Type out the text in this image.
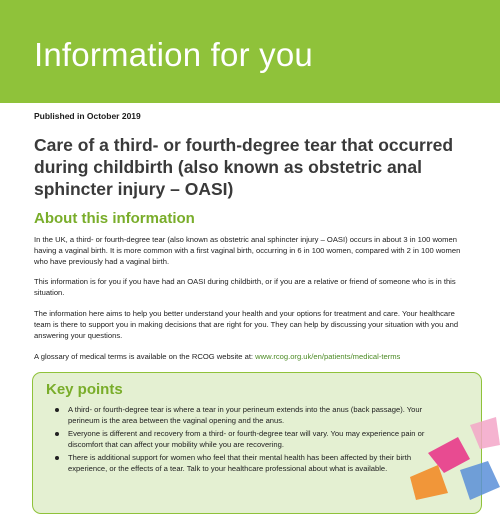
Information for you
Published in October 2019
Care of a third- or fourth-degree tear that occurred during childbirth (also known as obstetric anal sphincter injury – OASI)
About this information

In the UK, a third- or fourth-degree tear (also known as obstetric anal sphincter injury – OASI) occurs in about 3 in 100 women having a vaginal birth. It is more common with a first vaginal birth, occurring in 6 in 100 women, compared with 2 in 100 women who have previously had a vaginal birth.

This information is for you if you have had an OASI during childbirth, or if you are a relative or friend of someone who is in this situation.

The information here aims to help you better understand your health and your options for treatment and care. Your healthcare team is there to support you in making decisions that are right for you. They can help by discussing your situation with you and answering your questions.

A glossary of medical terms is available on the RCOG website at: www.rcog.org.uk/en/patients/medical-terms

Key points
A third- or fourth-degree tear is where a tear in your perineum extends into the anus (back passage). Your perineum is the area between the vaginal opening and the anus.
Everyone is different and recovery from a third- or fourth-degree tear will vary. You may experience pain or discomfort that can affect your mobility while you are recovering.
There is additional support for women who feel that their mental health has been affected by their birth experience, or the effects of a tear. Talk to your healthcare professional about what is available.
